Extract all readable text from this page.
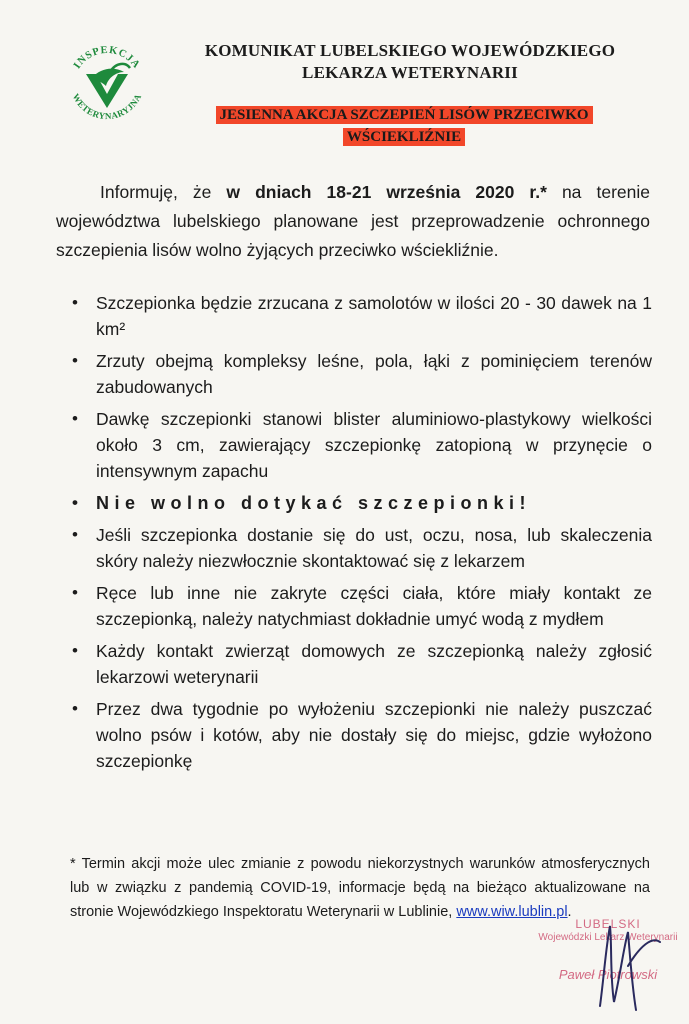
INSPEKCJA
WETERYNARYJNA
KOMUNIKAT LUBELSKIEGO WOJEWÓDZKIEGO
LEKARZA WETERYNARII
JESIENNA AKCJA SZCZEPIEŃ LISÓW PRZECIWKO
WŚCIEKLIŹNIE
Informuję, że w dniach 18-21 września 2020 r.* na terenie województwa lubelskiego planowane jest przeprowadzenie ochronnego szczepienia lisów wolno żyjących przeciwko wściekliźnie.
• Szczepionka będzie zrzucana z samolotów w ilości 20 - 30 dawek na 1 km²
• Zrzuty obejmą kompleksy leśne, pola, łąki z pominięciem terenów zabudowanych
• Dawkę szczepionki stanowi blister aluminiowo-plastykowy wielkości około 3 cm, zawierający szczepionkę zatopioną w przynęcie o intensywnym zapachu
• Nie wolno dotykać szczepionki!
• Jeśli szczepionka dostanie się do ust, oczu, nosa, lub skaleczenia skóry należy niezwłocznie skontaktować się z lekarzem
• Ręce lub inne nie zakryte części ciała, które miały kontakt ze szczepionką, należy natychmiast dokładnie umyć wodą z mydłem
• Każdy kontakt zwierząt domowych ze szczepionką należy zgłosić lekarzowi weterynarii
• Przez dwa tygodnie po wyłożeniu szczepionki nie należy puszczać wolno psów i kotów, aby nie dostały się do miejsc, gdzie wyłożono szczepionkę
* Termin akcji może ulec zmianie z powodu niekorzystnych warunków atmosferycznych lub w związku z pandemią COVID-19, informacje będą na bieżąco aktualizowane na stronie Wojewódzkiego Inspektoratu Weterynarii w Lublinie, www.wiw.lublin.pl.
LUBELSKI
Wojewódzki Lekarz Weterynarii
Paweł Piotrowski
